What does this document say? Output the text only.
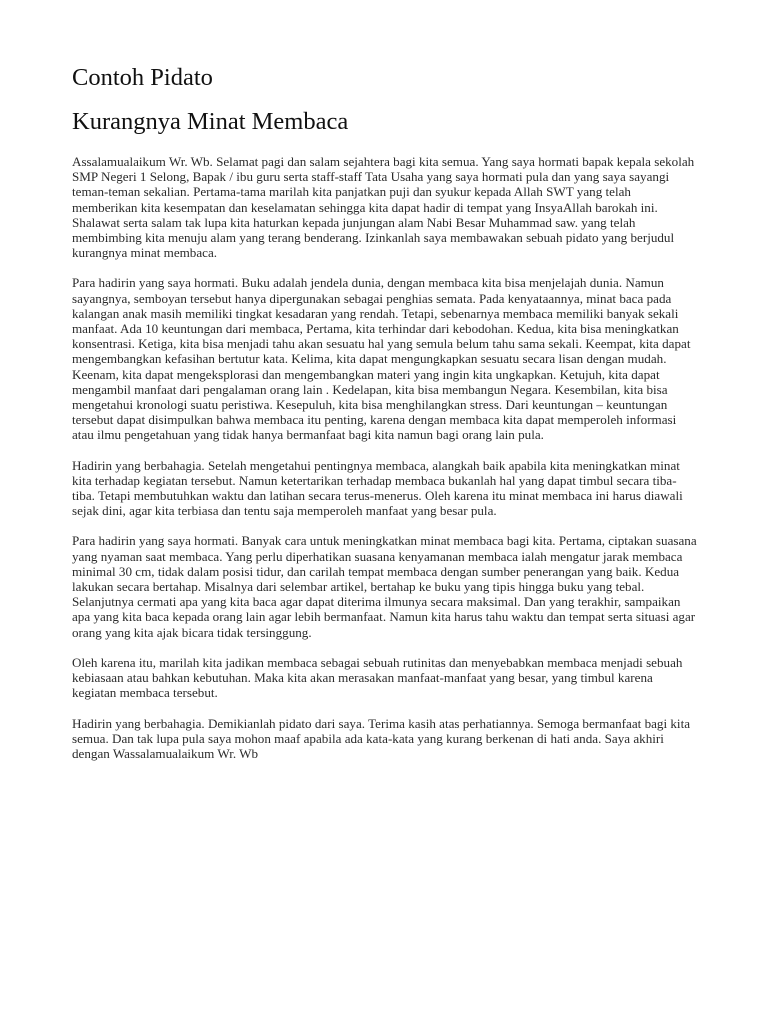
Contoh Pidato
Kurangnya Minat Membaca

Assalamualaikum Wr. Wb. Selamat pagi dan salam sejahtera bagi kita semua. Yang saya hormati bapak kepala sekolah SMP Negeri 1 Selong, Bapak / ibu guru serta staff-staff Tata Usaha yang saya hormati pula dan yang saya sayangi teman-teman sekalian. Pertama-tama marilah kita panjatkan puji dan syukur kepada Allah SWT yang telah memberikan kita kesempatan dan keselamatan sehingga kita dapat hadir di tempat yang InsyaAllah barokah ini. Shalawat serta salam tak lupa kita haturkan kepada junjungan alam Nabi Besar Muhammad saw. yang telah membimbing kita menuju alam yang terang benderang. Izinkanlah saya membawakan sebuah pidato yang berjudul kurangnya minat membaca.

Para hadirin yang saya hormati. Buku adalah jendela dunia, dengan membaca kita bisa menjelajah dunia. Namun sayangnya, semboyan tersebut hanya dipergunakan sebagai penghias semata. Pada kenyataannya, minat baca pada kalangan anak masih memiliki tingkat kesadaran yang rendah. Tetapi, sebenarnya membaca memiliki banyak sekali manfaat. Ada 10 keuntungan dari membaca, Pertama, kita terhindar dari kebodohan. Kedua, kita bisa meningkatkan konsentrasi. Ketiga, kita bisa menjadi tahu akan sesuatu hal yang semula belum tahu sama sekali. Keempat, kita dapat mengembangkan kefasihan bertutur kata. Kelima, kita dapat mengungkapkan sesuatu secara lisan dengan mudah. Keenam, kita dapat mengeksplorasi dan mengembangkan materi yang ingin kita ungkapkan. Ketujuh, kita dapat mengambil manfaat dari pengalaman orang lain . Kedelapan, kita bisa membangun Negara. Kesembilan, kita bisa mengetahui kronologi suatu peristiwa. Kesepuluh, kita bisa menghilangkan stress. Dari keuntungan – keuntungan tersebut dapat disimpulkan bahwa membaca itu penting, karena dengan membaca kita dapat memperoleh informasi atau ilmu pengetahuan yang tidak hanya bermanfaat bagi kita namun bagi orang lain pula.

Hadirin yang berbahagia. Setelah mengetahui pentingnya membaca, alangkah baik apabila kita meningkatkan minat kita terhadap kegiatan tersebut. Namun ketertarikan terhadap membaca bukanlah hal yang dapat timbul secara tiba-tiba. Tetapi membutuhkan waktu dan latihan secara terus-menerus. Oleh karena itu minat membaca ini harus diawali sejak dini, agar kita terbiasa dan tentu saja memperoleh manfaat yang besar pula.

Para hadirin yang saya hormati. Banyak cara untuk meningkatkan minat membaca bagi kita. Pertama, ciptakan suasana yang nyaman saat membaca. Yang perlu diperhatikan suasana kenyamanan membaca ialah mengatur jarak membaca minimal 30 cm, tidak dalam posisi tidur, dan carilah tempat membaca dengan sumber penerangan yang baik. Kedua lakukan secara bertahap. Misalnya dari selembar artikel, bertahap ke buku yang tipis hingga buku yang tebal. Selanjutnya cermati apa yang kita baca agar dapat diterima ilmunya secara maksimal. Dan yang terakhir, sampaikan apa yang kita baca kepada orang lain agar lebih bermanfaat. Namun kita harus tahu waktu dan tempat serta situasi agar orang yang kita ajak bicara tidak tersinggung.

Oleh karena itu, marilah kita jadikan membaca sebagai sebuah rutinitas dan menyebabkan membaca menjadi sebuah kebiasaan atau bahkan kebutuhan. Maka kita akan merasakan manfaat-manfaat yang besar, yang timbul karena kegiatan membaca tersebut.

Hadirin yang berbahagia. Demikianlah pidato dari saya. Terima kasih atas perhatiannya. Semoga bermanfaat bagi kita semua. Dan tak lupa pula saya mohon maaf apabila ada kata-kata yang kurang berkenan di hati anda. Saya akhiri dengan Wassalamualaikum Wr. Wb
